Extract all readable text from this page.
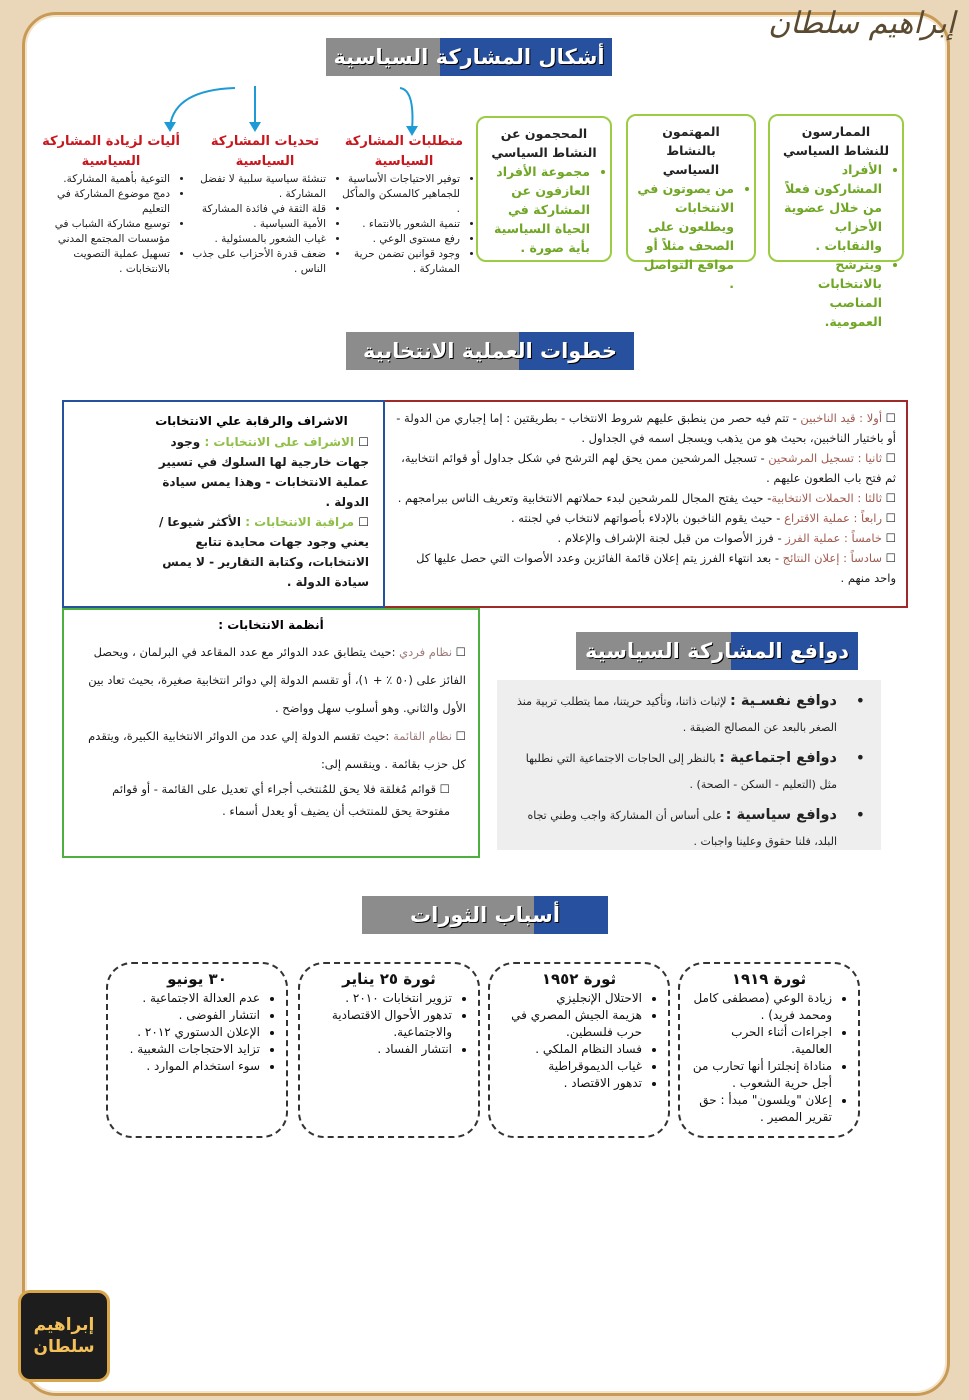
إبراهيم سلطان
أشكال المشاركة السياسية
متطلبات المشاركة السياسية
• توفير الاحتياجات الأساسية للجماهير كالمسكن والمأكل .
• تنمية الشعور بالانتماء .
• رفع مستوى الوعي .
• وجود قوانين تضمن حرية المشاركة .
تحديات المشاركة السياسية
• تنشئة سياسية سلبية لا تفضل المشاركة .
• قلة الثقة في فائدة المشاركة
• الأمية السياسية .
• غياب الشعور بالمسئولية .
• ضعف قدرة الأحزاب على جذب الناس .
أليات لزيادة المشاركة السياسية
• التوعية بأهمية المشاركة.
• دمج موضوع المشاركة في التعليم
• توسيع مشاركة الشباب في مؤسسات المجتمع المدني
• تسهيل عملية التصويت بالانتخابات .
الممارسون للنشاط السياسي
• الأفراد المشاركون فعلاً من خلال عضوية الأحزاب والنقابات .
• ويترشح بالانتخابات المناصب العمومية.
المهتمون بالنشاط السياسي
• من يصوتون في الانتخابات ويطلعون على الصحف مثلاً أو مواقع التواصل .
المحجمون عن النشاط السياسي
• مجموعة الأفراد العازفون عن المشاركة في الحياة السياسية بأية صورة .
خطوات العملية الانتخابية
☐ أولا : قيد الناخبين - تتم فيه حصر من ينطبق عليهم شروط الانتخاب - بطريقتين : إما إجباري من الدولة - أو باختيار الناخبين، بحيث هو من يذهب ويسجل اسمه في الجداول .
☐ ثانيا : تسجيل المرشحين - تسجيل المرشحين ممن يحق لهم الترشح في شكل جداول أو قوائم انتخابية، ثم فتح باب الطعون عليهم .
☐ ثالثا : الحملات الانتخابية- حيث يفتح المجال للمرشحين لبدء حملاتهم الانتخابية وتعريف الناس ببرامجهم .
☐ رابعاً : عملية الاقتراع - حيث يقوم الناخبون بالإدلاء بأصواتهم لانتخاب في لجنته .
☐ خامساً : عملية الفرز - فرز الأصوات من قبل لجنة الإشراف والإعلام .
☐ سادساً : إعلان النتائج - بعد انتهاء الفرز يتم إعلان قائمة الفائزين وعدد الأصوات التي حصل عليها كل واحد منهم .
الاشراف والرقابة علي الانتخابات
☐ الاشراف على الانتخابات : وجود جهات خارجية لها السلوك في تسيير عملية الانتخابات - وهذا يمس سيادة الدولة .
☐ مراقبة الانتخابات : الأكثر شيوعا / يعني وجود جهات محايدة تتابع الانتخابات، وكتابة التقارير - لا يمس سيادة الدولة .
أنظمة الانتخابات :
☐ نظام فردي :حيث يتطابق عدد الدوائر مع عدد المقاعد في البرلمان ، ويحصل الفائز على (٥٠ ٪ + ١)، أو تقسم الدولة إلي دوائر انتخابية صغيرة، بحيث تعاد بين الأول والثاني. وهو أسلوب سهل وواضح .
☐ نظام القائمة :حيث تقسم الدولة إلي عدد من الدوائر الانتخابية الكبيرة، ويتقدم كل حزب بقائمة . وينقسم إلى:
☐ قوائم مُغلقة فلا يحق للمُنتخب أجراء أي تعديل على القائمة - أو قوائم مفتوحة يحق للمنتخب أن يضيف أو يعدل أسماء .
دوافع المشاركة السياسية
•
دوافع نفسـية : لإثبات ذاتنا، وتأكيد حريتنا، مما يتطلب تربية منذ الصغر بالبعد عن المصالح الضيقة .
•
دوافع اجتماعية : بالنظر إلى الحاجات الاجتماعية التي نطلبها مثل (التعليم - السكن - الصحة) .
•
دوافع سياسية : على أساس أن المشاركة واجب وطني تجاه البلد، فلنا حقوق وعلينا واجبات .
أسباب الثورات
ثورة ١٩١٩
• زيادة الوعي (مصطفى كامل ومحمد فريد) .
• اجراءات أثناء الحرب العالمية.
• مناداة إنجلترا أنها تحارب من أجل حرية الشعوب .
• إعلان "ويلسون" مبدأ : حق تقرير المصير .
ثورة ١٩٥٢
• الاحتلال الإنجليزي
• هزيمة الجيش المصري في حرب فلسطين.
• فساد النظام الملكي .
• غياب الديموقراطية
• تدهور الاقتصاد .
ثورة ٢٥ يناير
• تزوير انتخابات ٢٠١٠ .
• تدهور الأحوال الاقتصادية والاجتماعية.
• انتشار الفساد .
٣٠ يونيو
• عدم العدالة الاجتماعية .
• انتشار الفوضى .
• الإعلان الدستوري ٢٠١٢ .
• تزايد الاحتجاجات الشعبية .
• سوء استخدام الموارد .
إبراهيم
سلطان
